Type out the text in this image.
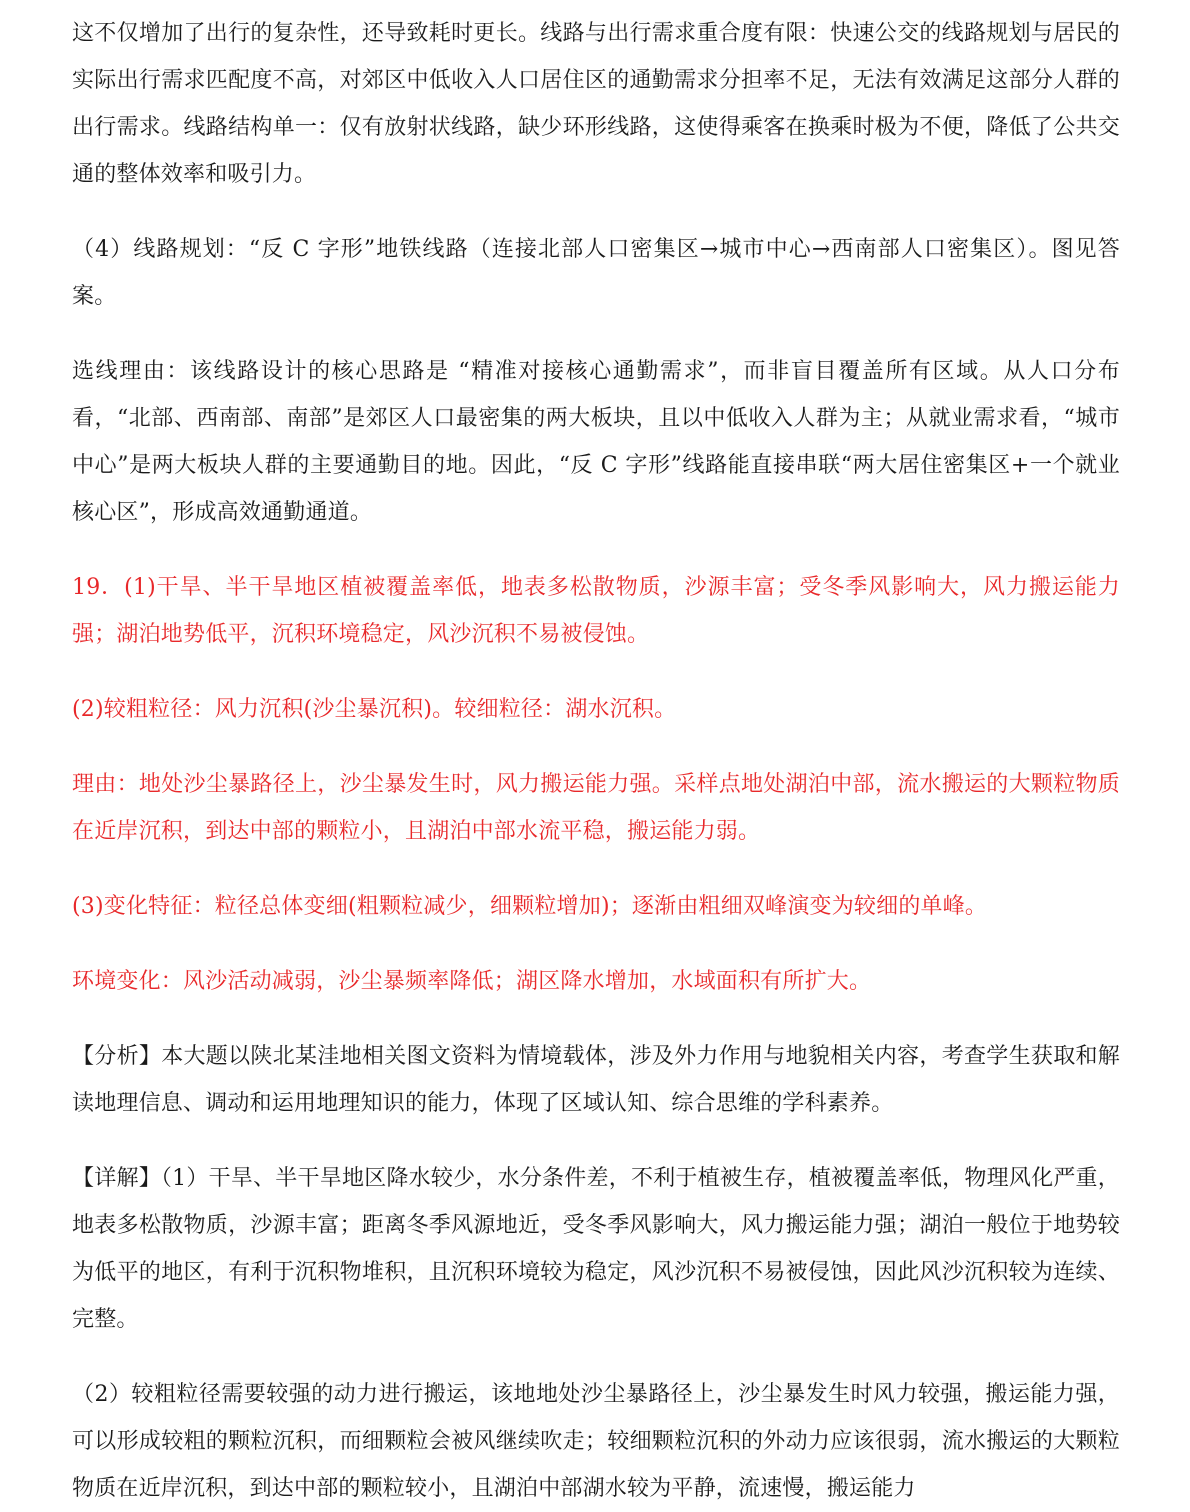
这不仅增加了出行的复杂性，还导致耗时更长。线路与出行需求重合度有限：快速公交的线路规划与居民的实际出行需求匹配度不高，对郊区中低收入人口居住区的通勤需求分担率不足，无法有效满足这部分人群的出行需求。线路结构单一：仅有放射状线路，缺少环形线路，这使得乘客在换乘时极为不便，降低了公共交通的整体效率和吸引力。

（4）线路规划：“反 C 字形”地铁线路（连接北部人口密集区→城市中心→西南部人口密集区）。图见答案。

选线理由：该线路设计的核心思路是 “精准对接核心通勤需求”，而非盲目覆盖所有区域。从人口分布看，“北部、西南部、南部”是郊区人口最密集的两大板块，且以中低收入人群为主；从就业需求看，“城市中心”是两大板块人群的主要通勤目的地。因此，“反 C 字形”线路能直接串联“两大居住密集区+一个就业核心区”，形成高效通勤通道。

19．(1)干旱、半干旱地区植被覆盖率低，地表多松散物质，沙源丰富；受冬季风影响大，风力搬运能力强；湖泊地势低平，沉积环境稳定，风沙沉积不易被侵蚀。

(2)较粗粒径：风力沉积(沙尘暴沉积)。较细粒径：湖水沉积。

理由：地处沙尘暴路径上，沙尘暴发生时，风力搬运能力强。采样点地处湖泊中部，流水搬运的大颗粒物质在近岸沉积，到达中部的颗粒小，且湖泊中部水流平稳，搬运能力弱。

(3)变化特征：粒径总体变细(粗颗粒减少，细颗粒增加)；逐渐由粗细双峰演变为较细的单峰。

环境变化：风沙活动减弱，沙尘暴频率降低；湖区降水增加，水域面积有所扩大。

【分析】本大题以陕北某洼地相关图文资料为情境载体，涉及外力作用与地貌相关内容，考查学生获取和解读地理信息、调动和运用地理知识的能力，体现了区域认知、综合思维的学科素养。

【详解】（1）干旱、半干旱地区降水较少，水分条件差，不利于植被生存，植被覆盖率低，物理风化严重，地表多松散物质，沙源丰富；距离冬季风源地近，受冬季风影响大，风力搬运能力强；湖泊一般位于地势较为低平的地区，有利于沉积物堆积，且沉积环境较为稳定，风沙沉积不易被侵蚀，因此风沙沉积较为连续、完整。

（2）较粗粒径需要较强的动力进行搬运，该地地处沙尘暴路径上，沙尘暴发生时风力较强，搬运能力强，可以形成较粗的颗粒沉积，而细颗粒会被风继续吹走；较细颗粒沉积的外动力应该很弱，流水搬运的大颗粒物质在近岸沉积，到达中部的颗粒较小，且湖泊中部湖水较为平静，流速慢，搬运能力
